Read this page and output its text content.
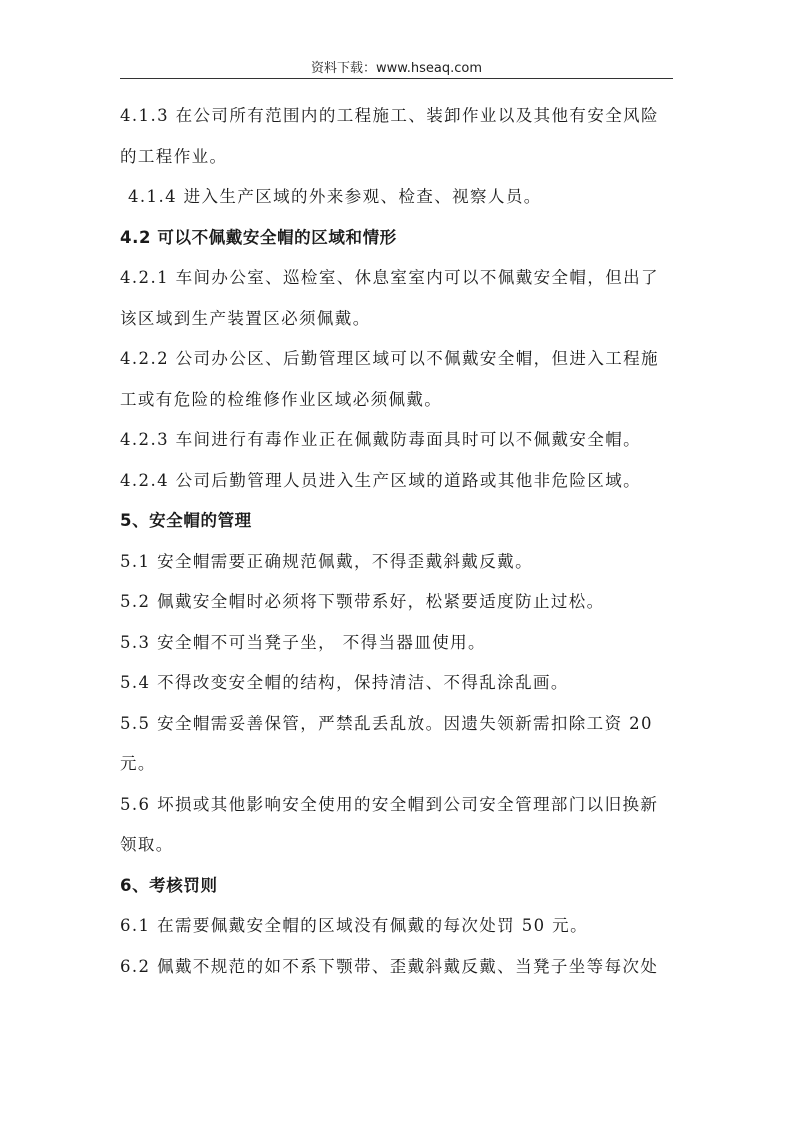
资料下载：www.hseaq.com

4.1.3 在公司所有范围内的工程施工、装卸作业以及其他有安全风险

的工程作业。

4.1.4 进入生产区域的外来参观、检查、视察人员。

4.2 可以不佩戴安全帽的区域和情形

4.2.1 车间办公室、巡检室、休息室室内可以不佩戴安全帽，但出了

该区域到生产装置区必须佩戴。

4.2.2 公司办公区、后勤管理区域可以不佩戴安全帽，但进入工程施

工或有危险的检维修作业区域必须佩戴。

4.2.3 车间进行有毒作业正在佩戴防毒面具时可以不佩戴安全帽。

4.2.4 公司后勤管理人员进入生产区域的道路或其他非危险区域。

5、安全帽的管理

5.1 安全帽需要正确规范佩戴，不得歪戴斜戴反戴。

5.2 佩戴安全帽时必须将下颚带系好，松紧要适度防止过松。

5.3 安全帽不可当凳子坐， 不得当器皿使用。

5.4 不得改变安全帽的结构，保持清洁、不得乱涂乱画。

5.5 安全帽需妥善保管，严禁乱丢乱放。因遗失领新需扣除工资 20

元。

5.6 坏损或其他影响安全使用的安全帽到公司安全管理部门以旧换新

领取。

6、考核罚则

6.1 在需要佩戴安全帽的区域没有佩戴的每次处罚 50 元。

6.2 佩戴不规范的如不系下颚带、歪戴斜戴反戴、当凳子坐等每次处
